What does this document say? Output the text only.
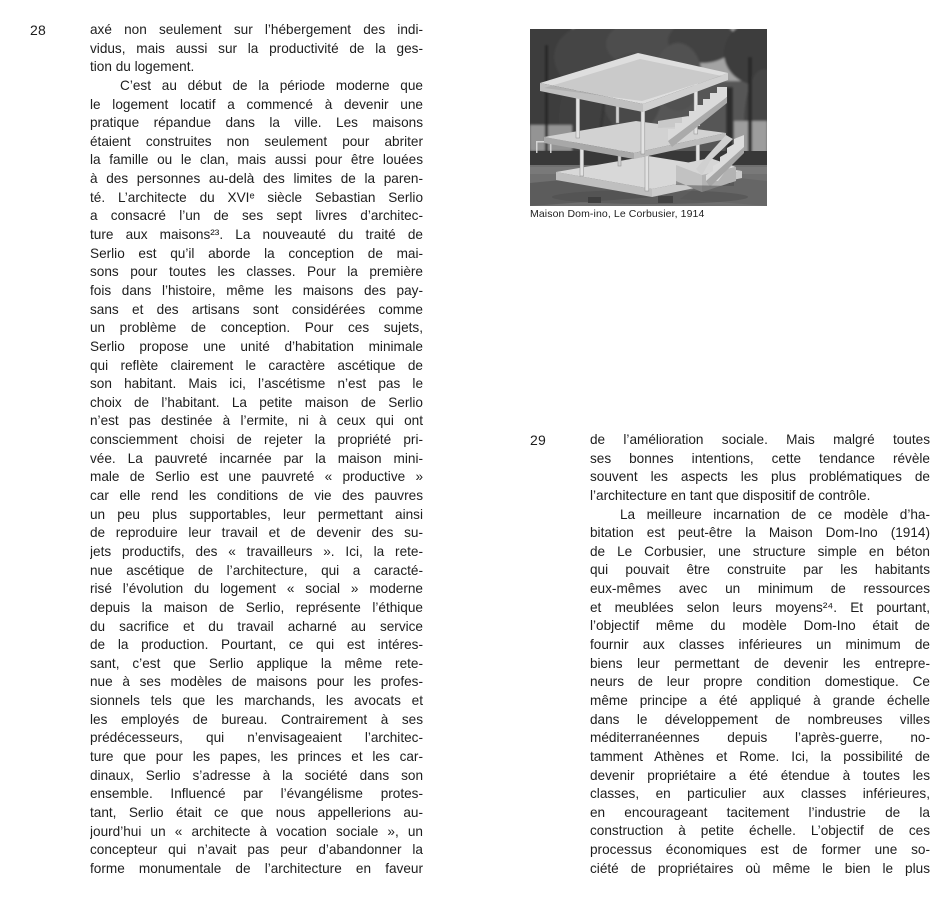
28	axé non seulement sur l’hébergement des indi-
vidus, mais aussi sur la productivité de la ges-
tion du logement.
C’est au début de la période moderne que
le logement locatif a commencé à devenir une
pratique répandue dans la ville. Les maisons
étaient construites non seulement pour abriter
la famille ou le clan, mais aussi pour être louées
à des personnes au-delà des limites de la paren-
té. L’architecte du XVIᵉ siècle Sebastian Serlio
a consacré l’un de ses sept livres d’architec-
ture aux maisons²³. La nouveauté du traité de
Serlio est qu’il aborde la conception de mai-
sons pour toutes les classes. Pour la première
fois dans l’histoire, même les maisons des pay-
sans et des artisans sont considérées comme
un problème de conception. Pour ces sujets,
Serlio propose une unité d’habitation minimale
qui reflète clairement le caractère ascétique de
son habitant. Mais ici, l’ascétisme n’est pas le
choix de l’habitant. La petite maison de Serlio
n’est pas destinée à l’ermite, ni à ceux qui ont
consciemment choisi de rejeter la propriété pri-
vée. La pauvreté incarnée par la maison mini-
male de Serlio est une pauvreté « productive »
car elle rend les conditions de vie des pauvres
un peu plus supportables, leur permettant ainsi
de reproduire leur travail et de devenir des su-
jets productifs, des « travailleurs ». Ici, la rete-
nue ascétique de l’architecture, qui a caracté-
risé l’évolution du logement « social » moderne
depuis la maison de Serlio, représente l’éthique
du sacrifice et du travail acharné au service
de la production. Pourtant, ce qui est intéres-
sant, c’est que Serlio applique la même rete-
nue à ses modèles de maisons pour les profes-
sionnels tels que les marchands, les avocats et
les employés de bureau. Contrairement à ses
prédécesseurs, qui n’envisageaient l’architec-
ture que pour les papes, les princes et les car-
dinaux, Serlio s’adresse à la société dans son
ensemble. Influencé par l’évangélisme protes-
tant, Serlio était ce que nous appellerions au-
jourd’hui un « architecte à vocation sociale », un
concepteur qui n’avait pas peur d’abandonner la
forme monumentale de l’architecture en faveur
Maison Dom-ino, Le Corbusier, 1914
29	de l’amélioration sociale. Mais malgré toutes
ses bonnes intentions, cette tendance révèle
souvent les aspects les plus problématiques de
l’architecture en tant que dispositif de contrôle.
La meilleure incarnation de ce modèle d’ha-
bitation est peut-être la Maison Dom-Ino (1914)
de Le Corbusier, une structure simple en béton
qui pouvait être construite par les habitants
eux-mêmes avec un minimum de ressources
et meublées selon leurs moyens²⁴. Et pourtant,
l’objectif même du modèle Dom-Ino était de
fournir aux classes inférieures un minimum de
biens leur permettant de devenir les entrepre-
neurs de leur propre condition domestique. Ce
même principe a été appliqué à grande échelle
dans le développement de nombreuses villes
méditerranéennes depuis l’après-guerre, no-
tamment Athènes et Rome. Ici, la possibilité de
devenir propriétaire a été étendue à toutes les
classes, en particulier aux classes inférieures,
en encourageant tacitement l’industrie de la
construction à petite échelle. L’objectif de ces
processus économiques est de former une so-
ciété de propriétaires où même le bien le plus
